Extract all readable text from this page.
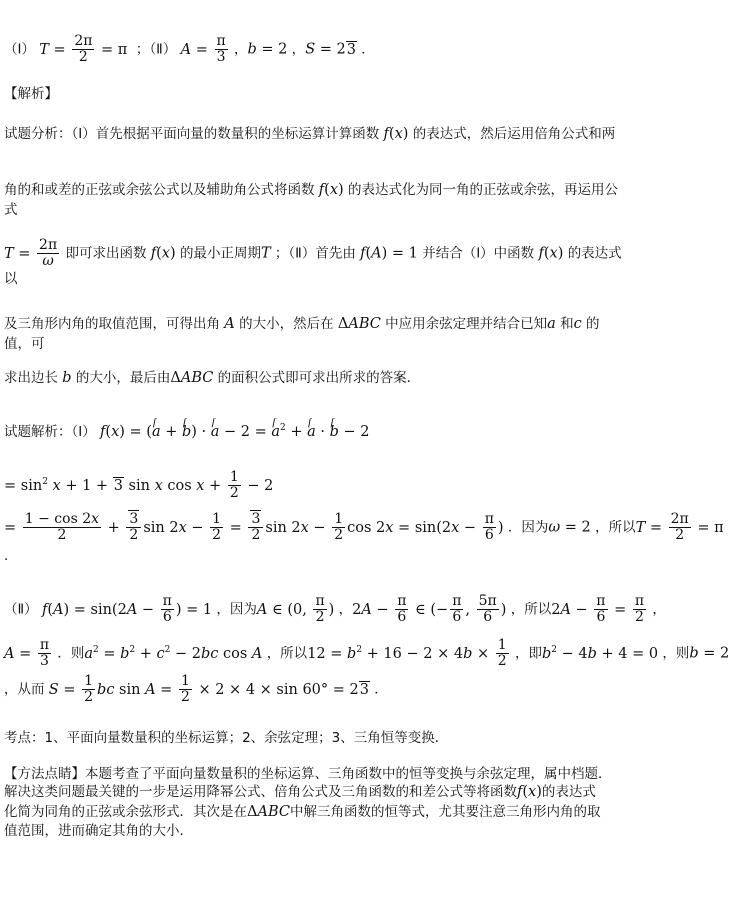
（Ⅰ） $T = \frac{2\pi}{2} = \pi$  ；（Ⅱ） $A = \frac{\pi}{3}$ ，b = 2 ，S = 23 ．
【解析】
试题分析：（Ⅰ）首先根据平面向量的数量积的坐标运算计算函数 f(x) 的表达式，然后运用倍角公式和两
角的和或差的正弦或余弦公式以及辅助角公式将函数 f(x) 的表达式化为同一角的正弦或余弦，再运用公式
$T = \frac{2\pi}{\omega}$ 即可求出函数 f(x) 的最小正周期T ；（Ⅱ）首先由 f(A) = 1 并结合（Ⅰ）中函数 f(x) 的表达式以
及三角形内角的取值范围，可得出角 A 的大小，然后在 ΔABC 中应用余弦定理并结合已知a 和c 的值，可
求出边长 b 的大小，最后由ΔABC 的面积公式即可求出所求的答案．
试题解析：（Ⅰ） f(x) = (⌈ a + ⌈ b) · ⌈ a − 2 = ⌈ $a^2$ + ⌈ a · ⌈ b − 2
= $\sin^2 x + 1 + 3$ sin x $\cos x + \frac{1}{2} - 2$
= $\frac{1 - \cos 2x}{2} + \frac{3}{2}$ $\sin 2x - \frac{1}{2} = \frac{3}{2}$ $\sin 2x - \frac{1}{2}$ $\cos 2x = \sin(2x - \frac{\pi}{6}$ ) ．因为ω = 2 ，所以$T = \frac{2\pi}{2} = \pi$
．
（Ⅱ） $f(A) = \sin(2A - \frac{\pi}{6}$ ) = 1 ，因为A ∈ (0, $\frac{\pi}{2}$ ) ，$2A - \frac{\pi}{6}$ ∈ (− $\frac{\pi}{6}$ , $\frac{5\pi}{6}$ ) ，所以$2A - \frac{\pi}{6} = \frac{\pi}{2}$ ，
$A = \frac{\pi}{3}$ ．则$a^2 = b^2 + c^2 - 2bc$ cos A ，所以$12 = b^2 + 16 - 2 \times 4b \times \frac{1}{2}$ ，即$b^2 - 4b + 4 = 0$ ，则b = 2
，从而 $S = \frac{1}{2}$ bc $\sin A = \frac{1}{2} \times 2 \times 4 \times \sin 60^\circ = 23$ ．
考点：1、平面向量数量积的坐标运算；2、余弦定理；3、三角恒等变换．
【方法点睛】本题考查了平面向量数量积的坐标运算、三角函数中的恒等变换与余弦定理，属中档题．
解决这类问题最关键的一步是运用降幂公式、倍角公式及三角函数的和差公式等将函数f(x)的表达式
化简为同角的正弦或余弦形式．其次是在ΔABC中解三角函数的恒等式，尤其要注意三角形内角的取
值范围，进而确定其角的大小．
